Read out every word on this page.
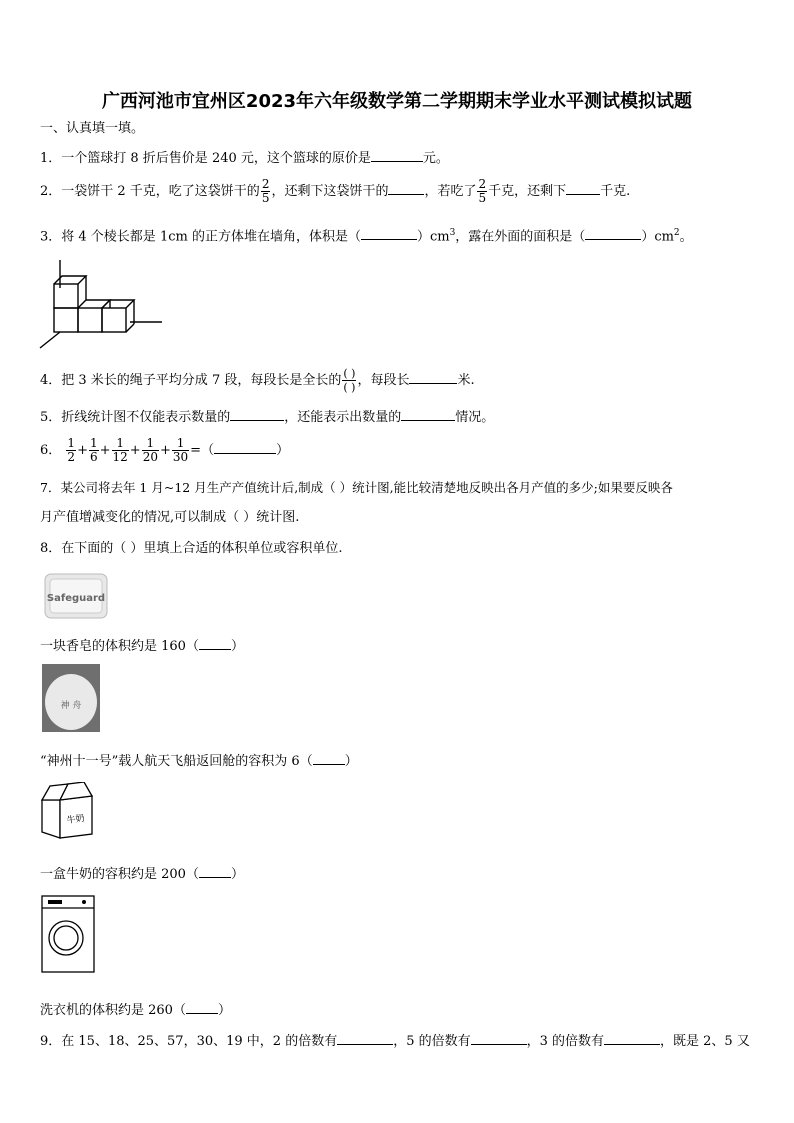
广西河池市宜州区2023年六年级数学第二学期期末学业水平测试模拟试题
一、认真填一填。
1．一个篮球打 8 折后售价是 240 元，这个篮球的原价是	元。
2．一袋饼干 2 千克，吃了这袋饼干的 $\frac{2}{5}$ ，还剩下这袋饼干的	，若吃了 $\frac{2}{5}$ 千克，还剩下	千克.
3．将 4 个棱长都是 1cm 的正方体堆在墙角，体积是（	）$cm^3$，露在外面的面积是（	）$cm^2$。
4．把 3 米长的绳子平均分成 7 段，每段长是全长的 $\frac{( )}{( )}$ ，每段长	米.
5．折线统计图不仅能表示数量的	，还能表示出数量的	情况。
6． $\frac{1}{2} + \frac{1}{6} + \frac{1}{12} + \frac{1}{20} + \frac{1}{30}$ =（	）
7．某公司将去年 1 月~12 月生产产值统计后,制成（ ）统计图,能比较清楚地反映出各月产值的多少;如果要反映各
月产值增减变化的情况,可以制成（ ）统计图.
8．在下面的（ ）里填上合适的体积单位或容积单位.
Safeguard
一块香皂的体积约是 160（ ）
神 舟
“神州十一号”载人航天飞船返回舱的容积为 6（ ）
牛奶
一盒牛奶的容积约是 200（ ）
洗衣机的体积约是 260（ ）
9．在 15、18、25、57，30、19 中，2 的倍数有	，5 的倍数有	，3 的倍数有	，既是 2、5 又
